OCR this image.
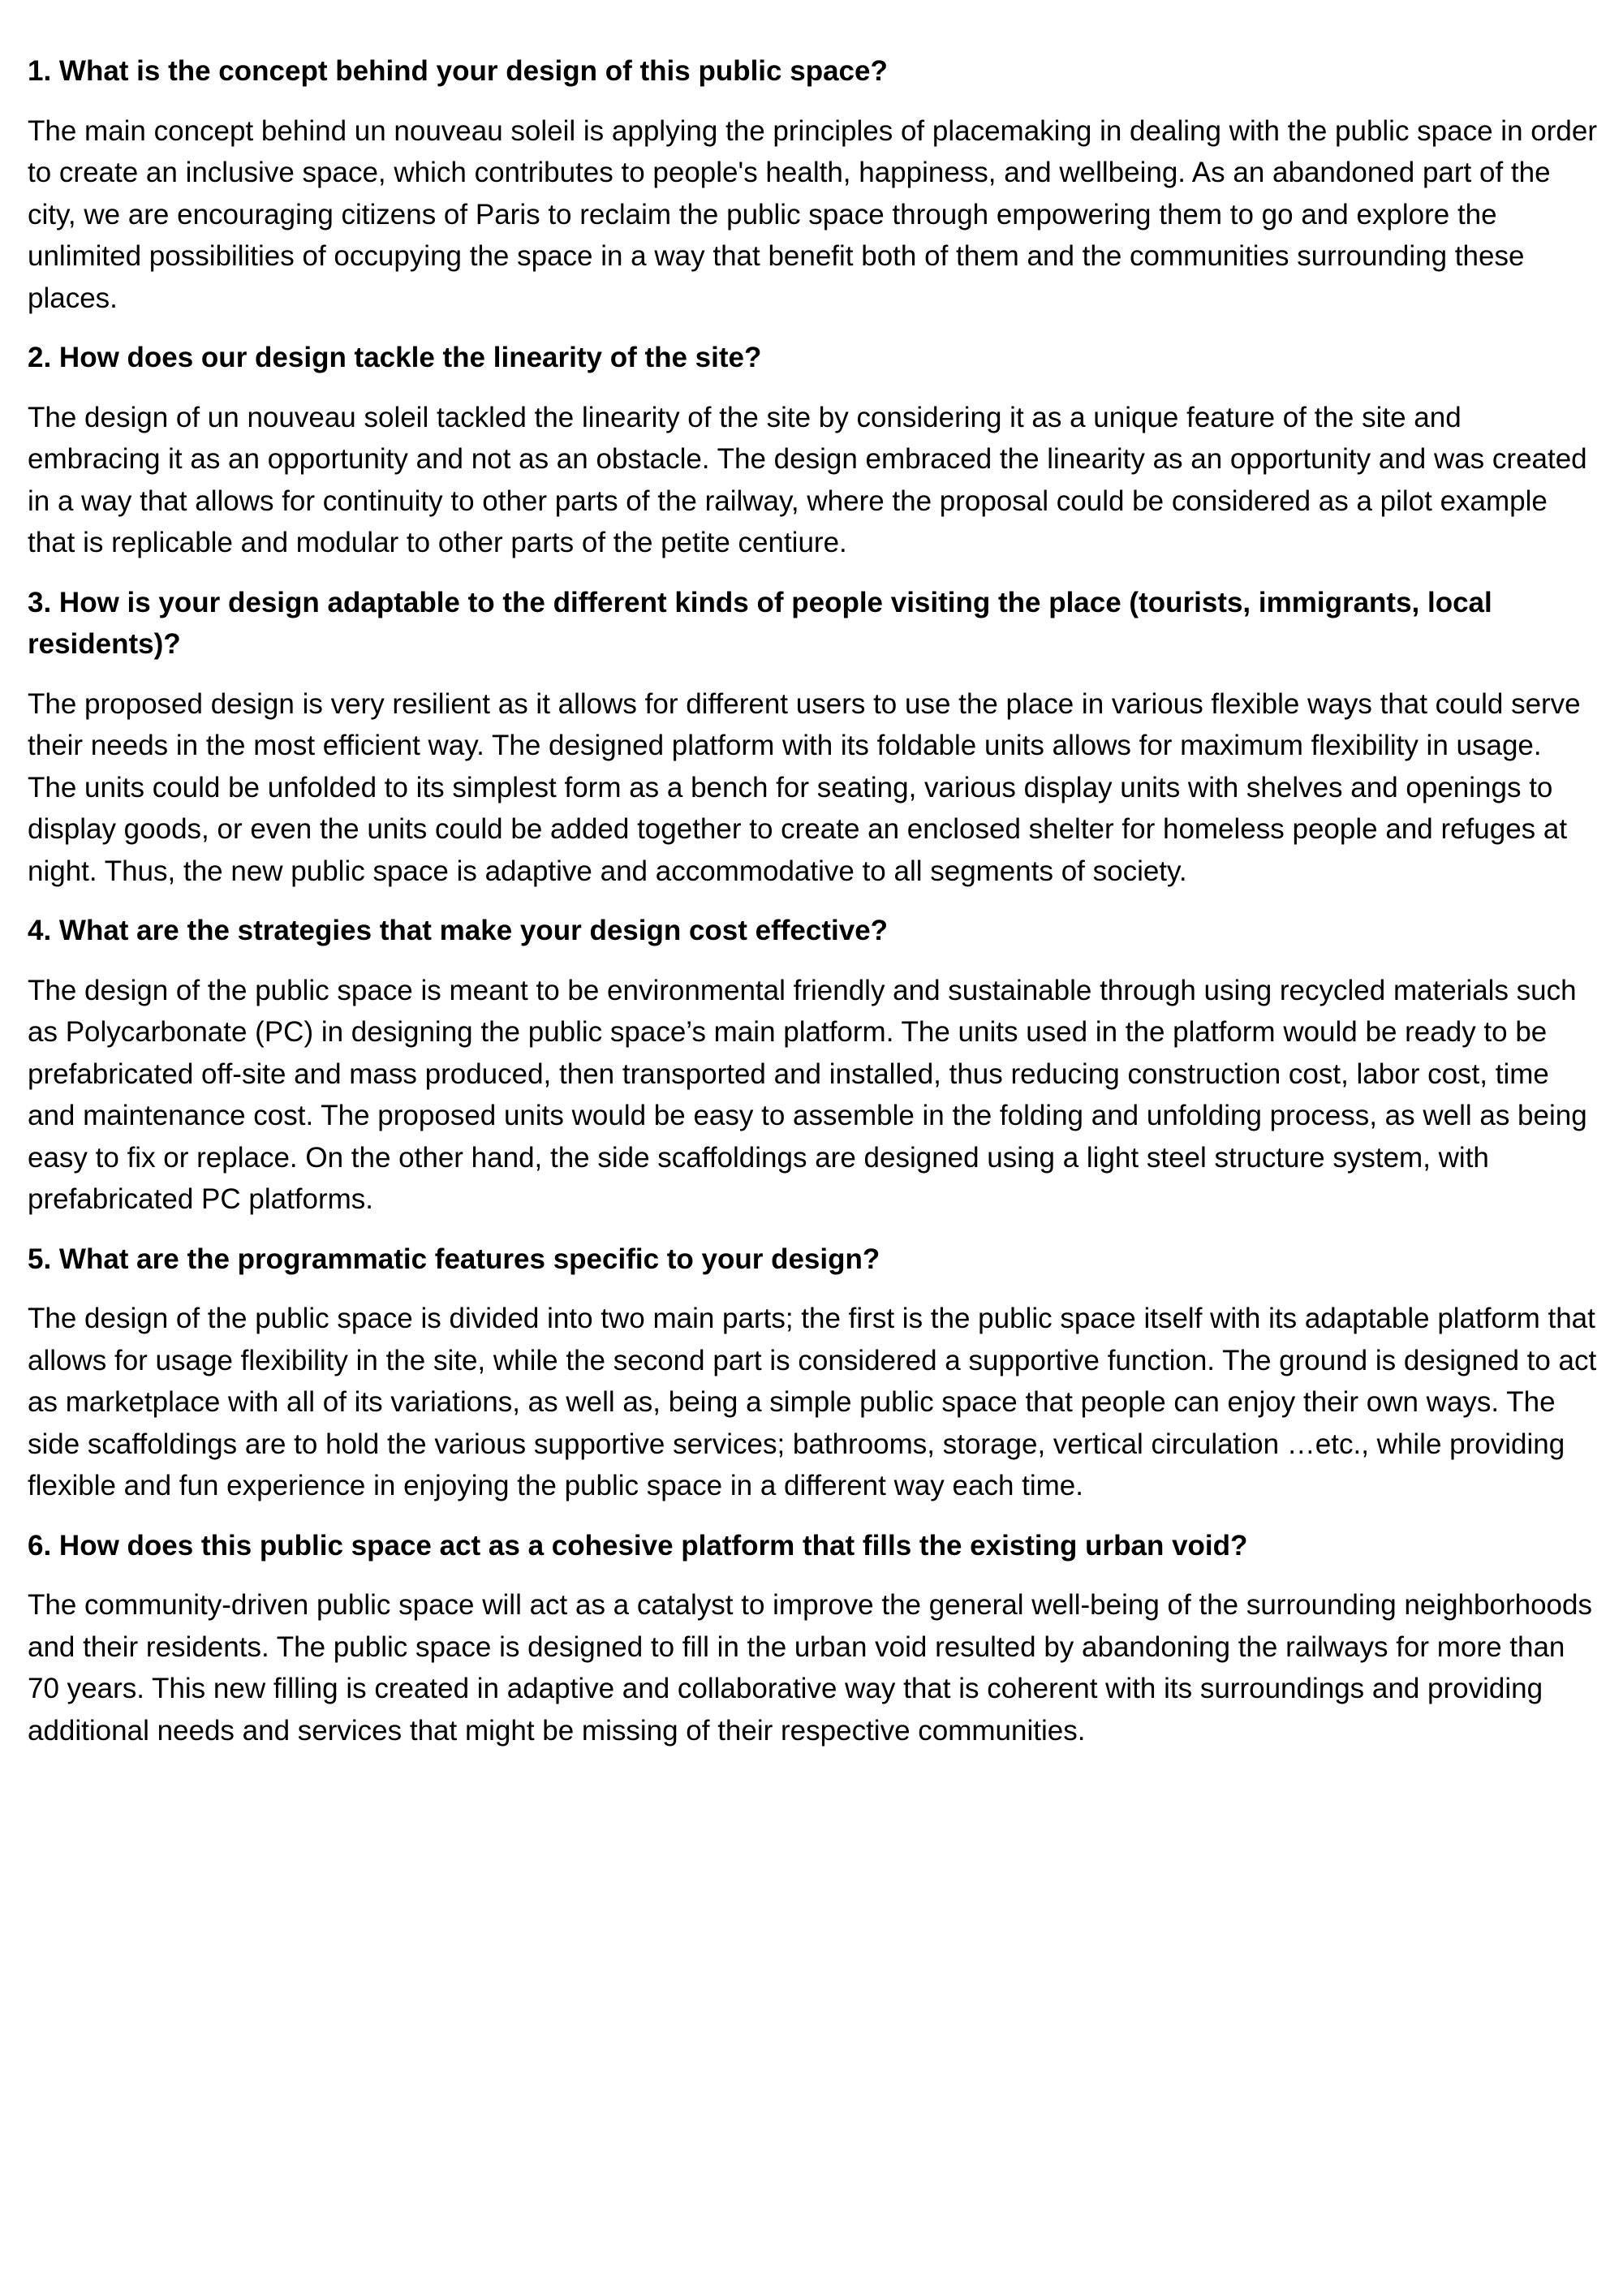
1. What is the concept behind your design of this public space?

The main concept behind un nouveau soleil is applying the principles of placemaking in dealing with the public space in order to create an inclusive space, which contributes to people's health, happiness, and wellbeing. As an abandoned part of the city, we are encouraging citizens of Paris to reclaim the public space through empowering them to go and explore the unlimited possibilities of occupying the space in a way that benefit both of them and the communities surrounding these places.

2. How does our design tackle the linearity of the site?

The design of un nouveau soleil tackled the linearity of the site by considering it as a unique feature of the site and embracing it as an opportunity and not as an obstacle. The design embraced the linearity as an opportunity and was created in a way that allows for continuity to other parts of the railway, where the proposal could be considered as a pilot example that is replicable and modular to other parts of the petite centiure.

3. How is your design adaptable to the different kinds of people visiting the place (tourists, immigrants, local residents)?

The proposed design is very resilient as it allows for different users to use the place in various flexible ways that could serve their needs in the most efficient way. The designed platform with its foldable units allows for maximum flexibility in usage. The units could be unfolded to its simplest form as a bench for seating, various display units with shelves and openings to display goods, or even the units could be added together to create an enclosed shelter for homeless people and refuges at night. Thus, the new public space is adaptive and accommodative to all segments of society.

4. What are the strategies that make your design cost effective?

The design of the public space is meant to be environmental friendly and sustainable through using recycled materials such as Polycarbonate (PC) in designing the public space’s main platform. The units used in the platform would be ready to be prefabricated off-site and mass produced, then transported and installed, thus reducing construction cost, labor cost, time and maintenance cost. The proposed units would be easy to assemble in the folding and unfolding process, as well as being easy to fix or replace. On the other hand, the side scaffoldings are designed using a light steel structure system, with prefabricated PC platforms.

5. What are the programmatic features specific to your design?

The design of the public space is divided into two main parts; the first is the public space itself with its adaptable platform that allows for usage flexibility in the site, while the second part is considered a supportive function. The ground is designed to act as marketplace with all of its variations, as well as, being a simple public space that people can enjoy their own ways. The side scaffoldings are to hold the various supportive services; bathrooms, storage, vertical circulation …etc., while providing flexible and fun experience in enjoying the public space in a different way each time.

6. How does this public space act as a cohesive platform that fills the existing urban void?

The community-driven public space will act as a catalyst to improve the general well-being of the surrounding neighborhoods and their residents. The public space is designed to fill in the urban void resulted by abandoning the railways for more than 70 years. This new filling is created in adaptive and collaborative way that is coherent with its surroundings and providing additional needs and services that might be missing of their respective communities.
